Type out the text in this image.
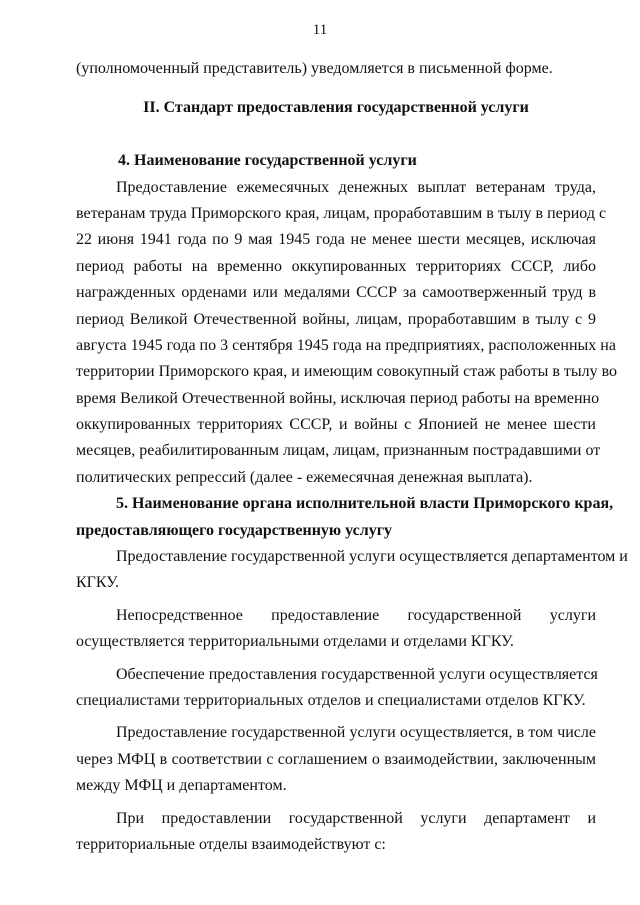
11
(уполномоченный представитель) уведомляется в письменной форме.
II. Стандарт предоставления государственной услуги
4. Наименование государственной услуги
Предоставление ежемесячных денежных выплат ветеранам труда,
ветеранам труда Приморского края, лицам, проработавшим в тылу в период с
22 июня 1941 года по 9 мая 1945 года не менее шести месяцев, исключая
период работы на временно оккупированных территориях СССР, либо
награжденных орденами или медалями СССР за самоотверженный труд в
период Великой Отечественной войны, лицам, проработавшим в тылу с 9
августа 1945 года по 3 сентября 1945 года на предприятиях, расположенных на
территории Приморского края, и имеющим совокупный стаж работы в тылу во
время Великой Отечественной войны, исключая период работы на временно
оккупированных территориях СССР, и войны с Японией не менее шести
месяцев, реабилитированным лицам, лицам, признанным пострадавшими от
политических репрессий (далее - ежемесячная денежная выплата).
5. Наименование органа исполнительной власти Приморского края,
предоставляющего государственную услугу
Предоставление государственной услуги осуществляется департаментом и
КГКУ.
Непосредственное предоставление государственной услуги
осуществляется территориальными отделами и отделами КГКУ.
Обеспечение предоставления государственной услуги осуществляется
специалистами территориальных отделов и специалистами отделов КГКУ.
Предоставление государственной услуги осуществляется, в том числе
через МФЦ в соответствии с соглашением о взаимодействии, заключенным
между МФЦ и департаментом.
При предоставлении государственной услуги департамент и
территориальные отделы взаимодействуют с:
